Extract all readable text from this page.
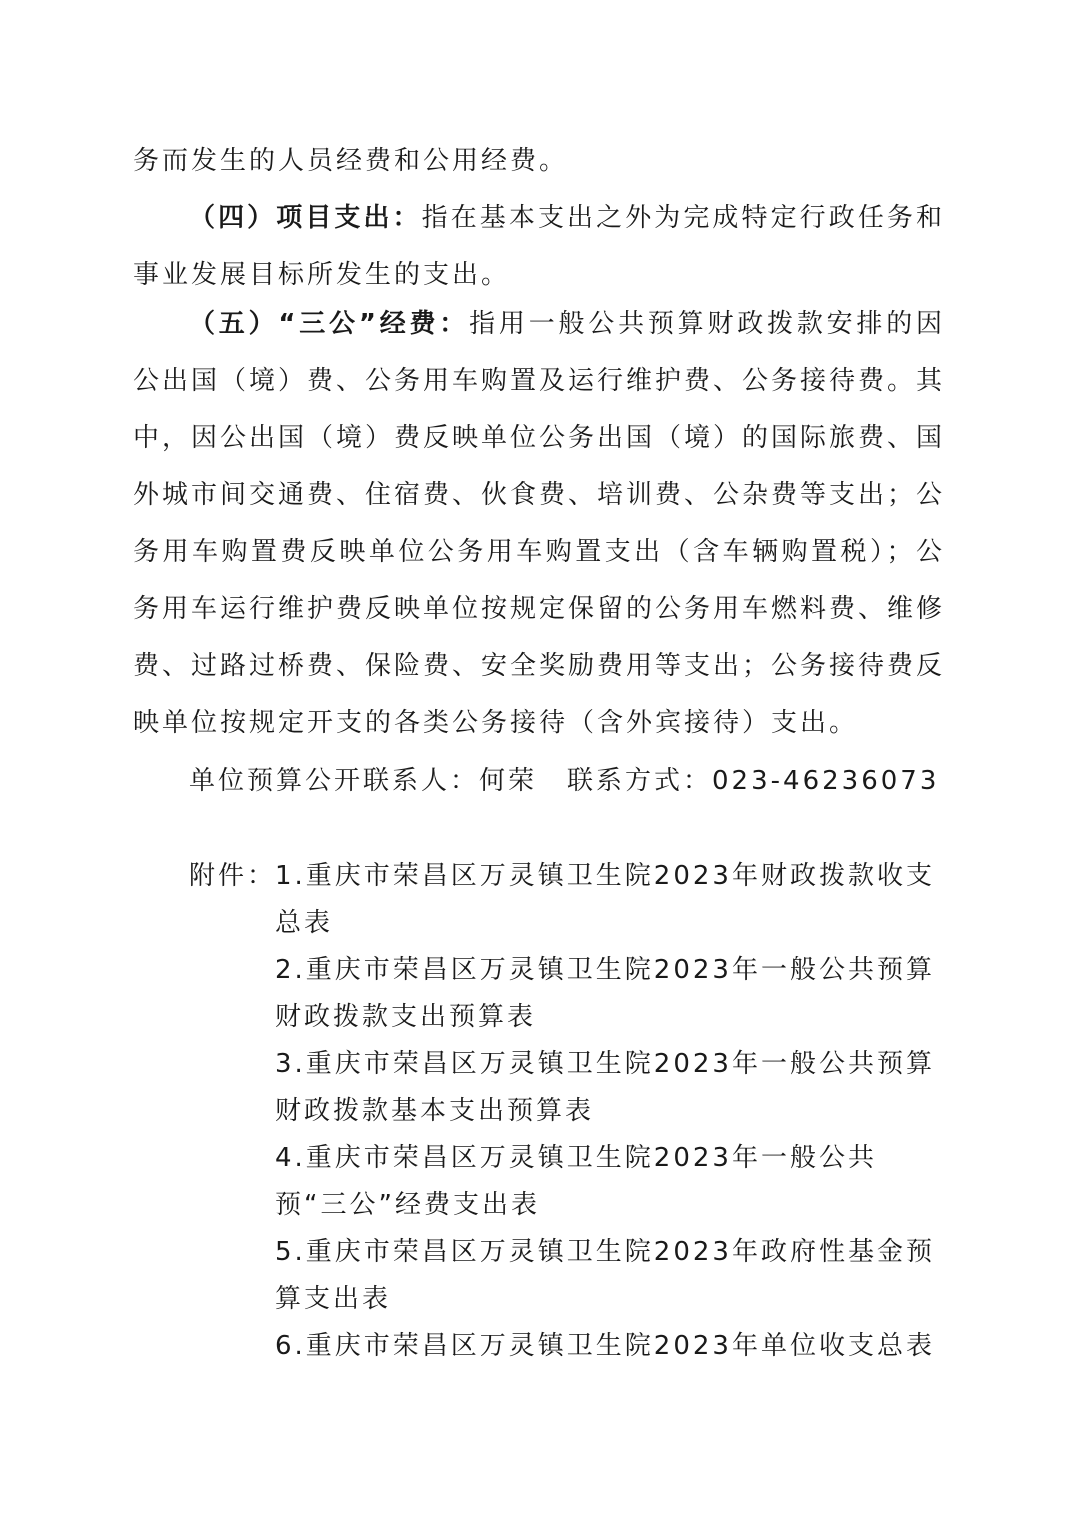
务而发生的人员经费和公用经费。

（四）项目支出：指在基本支出之外为完成特定行政任务和事业发展目标所发生的支出。

（五）“三公”经费：指用一般公共预算财政拨款安排的因公出国（境）费、公务用车购置及运行维护费、公务接待费。其中，因公出国（境）费反映单位公务出国（境）的国际旅费、国外城市间交通费、住宿费、伙食费、培训费、公杂费等支出；公务用车购置费反映单位公务用车购置支出（含车辆购置税）；公务用车运行维护费反映单位按规定保留的公务用车燃料费、维修费、过路过桥费、保险费、安全奖励费用等支出；公务接待费反映单位按规定开支的各类公务接待（含外宾接待）支出。

单位预算公开联系人：何荣 联系方式：023-46236073
附件：
1.重庆市荣昌区万灵镇卫生院2023年财政拨款收支总表
2.重庆市荣昌区万灵镇卫生院2023年一般公共预算财政拨款支出预算表
3.重庆市荣昌区万灵镇卫生院2023年一般公共预算财政拨款基本支出预算表
4.重庆市荣昌区万灵镇卫生院2023年一般公共预“三公”经费支出表
5.重庆市荣昌区万灵镇卫生院2023年政府性基金预算支出表
6.重庆市荣昌区万灵镇卫生院2023年单位收支总表
